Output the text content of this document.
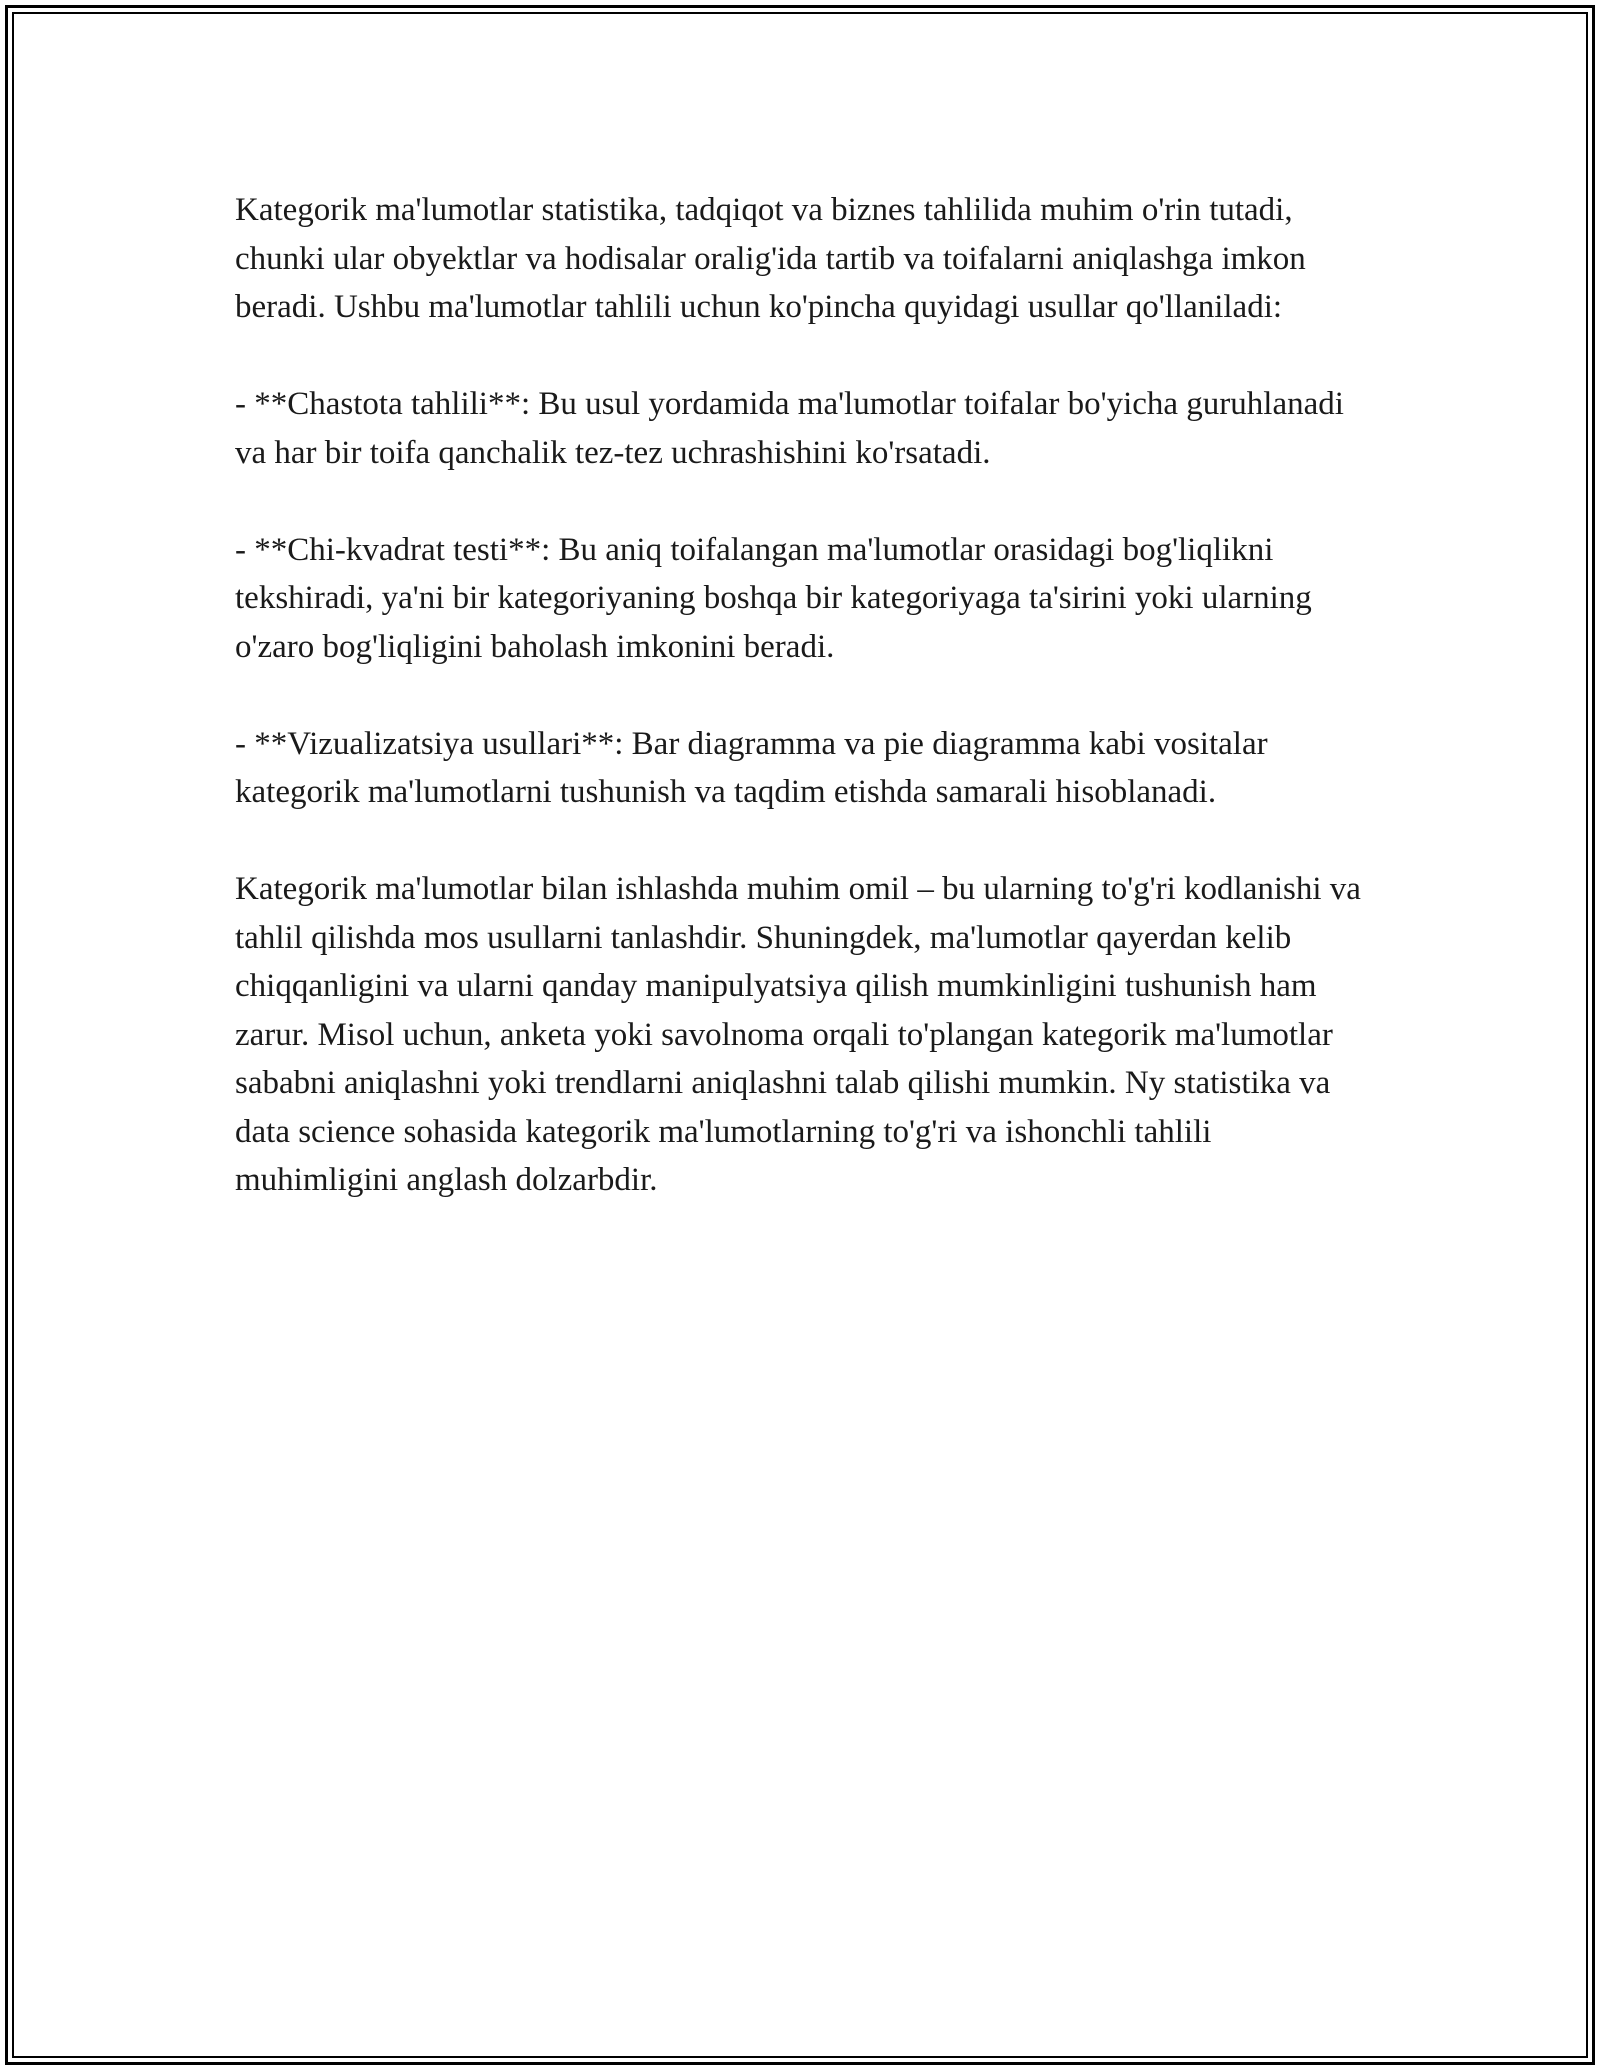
Kategorik ma'lumotlar statistika, tadqiqot va biznes tahlilida muhim o'rin tutadi, chunki ular obyektlar va hodisalar oralig'ida tartib va toifalarni aniqlashga imkon beradi. Ushbu ma'lumotlar tahlili uchun ko'pincha quyidagi usullar qo'llaniladi:

- **Chastota tahlili**: Bu usul yordamida ma'lumotlar toifalar bo'yicha guruhlanadi va har bir toifa qanchalik tez-tez uchrashishini ko'rsatadi.

- **Chi-kvadrat testi**: Bu aniq toifalangan ma'lumotlar orasidagi bog'liqlikni tekshiradi, ya'ni bir kategoriyaning boshqa bir kategoriyaga ta'sirini yoki ularning o'zaro bog'liqligini baholash imkonini beradi.

- **Vizualizatsiya usullari**: Bar diagramma va pie diagramma kabi vositalar kategorik ma'lumotlarni tushunish va taqdim etishda samarali hisoblanadi.

Kategorik ma'lumotlar bilan ishlashda muhim omil – bu ularning to'g'ri kodlanishi va tahlil qilishda mos usullarni tanlashdir. Shuningdek, ma'lumotlar qayerdan kelib chiqqanligini va ularni qanday manipulyatsiya qilish mumkinligini tushunish ham zarur. Misol uchun, anketa yoki savolnoma orqali to'plangan kategorik ma'lumotlar sababni aniqlashni yoki trendlarni aniqlashni talab qilishi mumkin. Ny statistika va data science sohasida kategorik ma'lumotlarning to'g'ri va ishonchli tahlili muhimligini anglash dolzarbdir.
